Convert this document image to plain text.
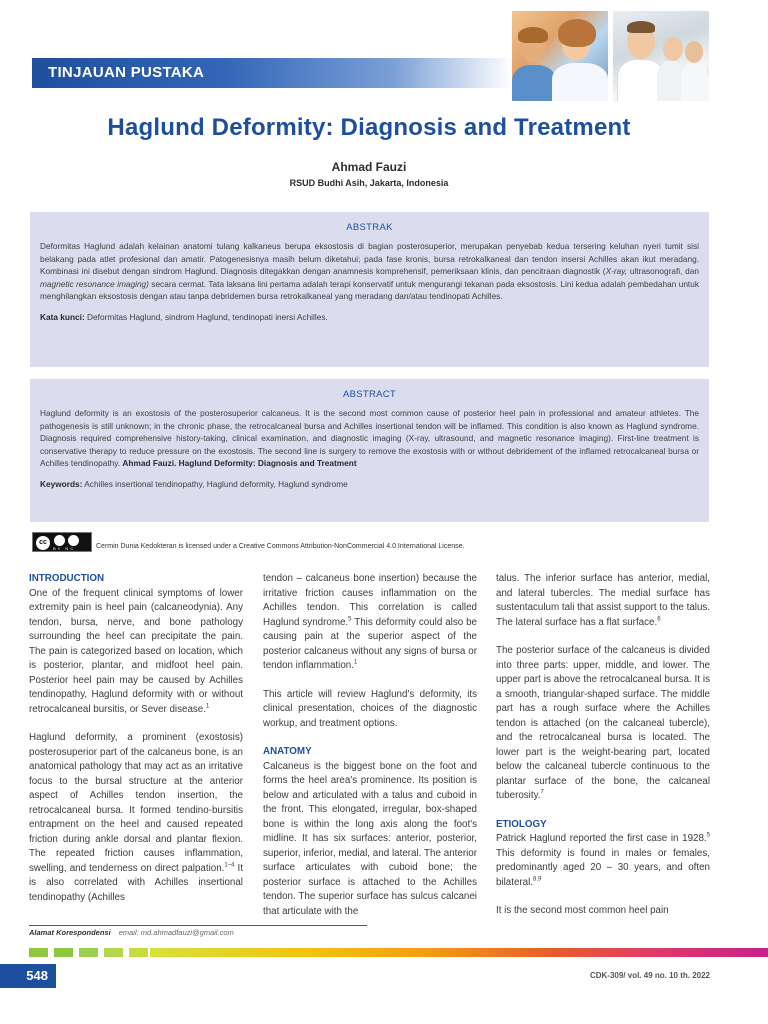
TINJAUAN PUSTAKA
Haglund Deformity: Diagnosis and Treatment
Ahmad Fauzi
RSUD Budhi Asih, Jakarta, Indonesia
ABSTRAK

Deformitas Haglund adalah kelainan anatomi tulang kalkaneus berupa eksostosis di bagian posterosuperior, merupakan penyebab kedua tersering keluhan nyeri tumit sisi belakang pada atlet profesional dan amatir. Patogenesisnya masih belum diketahui; pada fase kronis, bursa retrokalkaneal dan tendon insersi Achilles akan ikut meradang. Kombinasi ini disebut dengan sindrom Haglund. Diagnosis ditegakkan dengan anamnesis komprehensif, pemeriksaan klinis, dan pencitraan diagnostik (X-ray, ultrasonografi, dan magnetic resonance imaging) secara cermat. Tata laksana lini pertama adalah terapi konservatif untuk mengurangi tekanan pada eksostosis. Lini kedua adalah pembedahan untuk menghilangkan eksostosis dengan atau tanpa debridemen bursa retrokalkaneal yang meradang dan/atau tendinopati Achilles.

Kata kunci: Deformitas Haglund, sindrom Haglund, tendinopati inersi Achilles.

ABSTRACT

Haglund deformity is an exostosis of the posterosuperior calcaneus. It is the second most common cause of posterior heel pain in professional and amateur athletes. The pathogenesis is still unknown; in the chronic phase, the retrocalcaneal bursa and Achilles insertional tendon will be inflamed. This condition is also known as Haglund syndrome. Diagnosis required comprehensive history-taking, clinical examination, and diagnostic imaging (X-ray, ultrasound, and magnetic resonance imaging). First-line treatment is conservative therapy to reduce pressure on the exostosis. The second line is surgery to remove the exostosis with or without debridement of the inflamed retrocalcaneal bursa or Achilles tendinopathy. Ahmad Fauzi. Haglund Deformity: Diagnosis and Treatment

Keywords: Achilles insertional tendinopathy, Haglund deformity, Haglund syndrome

cc
BY NC	Cermin Dunia Kedokteran is licensed under a Creative Commons Attribution-NonCommercial 4.0 International License.
INTRODUCTION

One of the frequent clinical symptoms of lower extremity pain is heel pain (calcaneodynia). Any tendon, bursa, nerve, and bone pathology surrounding the heel can precipitate the pain. The pain is categorized based on location, which is posterior, plantar, and midfoot heel pain. Posterior heel pain may be caused by Achilles tendinopathy, Haglund deformity with or without retrocalcaneal bursitis, or Sever disease.$^1$

Haglund deformity, a prominent (exostosis) posterosuperior part of the calcaneus bone, is an anatomical pathology that may act as an irritative focus to the bursal structure at the anterior aspect of Achilles tendon insertion, the retrocalcaneal bursa. It formed tendino-bursitis entrapment on the heel and caused repeated friction during ankle dorsal and plantar flexion. The repeated friction causes inflammation, swelling, and tenderness on direct palpation.$^{1-4}$ It is also correlated with Achilles insertional tendinopathy (Achilles

tendon – calcaneus bone insertion) because the irritative friction causes inflammation on the Achilles tendon. This correlation is called Haglund syndrome.$^5$ This deformity could also be causing pain at the superior aspect of the posterior calcaneus without any signs of bursa or tendon inflammation.$^1$

This article will review Haglund's deformity, its clinical presentation, choices of the diagnostic workup, and treatment options.

ANATOMY

Calcaneus is the biggest bone on the foot and forms the heel area's prominence. Its position is below and articulated with a talus and cuboid in the front. This elongated, irregular, box-shaped bone is within the long axis along the foot's midline. It has six surfaces: anterior, posterior, superior, inferior, medial, and lateral. The anterior surface articulates with cuboid bone; the posterior surface is attached to the Achilles tendon. The superior surface has sulcus calcanei that articulate with the

talus. The inferior surface has anterior, medial, and lateral tubercles. The medial surface has sustentaculum tali that assist support to the talus. The lateral surface has a flat surface.$^6$

The posterior surface of the calcaneus is divided into three parts: upper, middle, and lower. The upper part is above the retrocalcaneal bursa. It is a smooth, triangular-shaped surface. The middle part has a rough surface where the Achilles tendon is attached (on the calcaneal tubercle), and the retrocalcaneal bursa is located. The lower part is the weight-bearing part, located below the calcaneal tubercle continuous to the plantar surface of the bone, the calcaneal tuberosity.$^7$

ETIOLOGY

Patrick Haglund reported the first case in 1928.$^5$ This deformity is found in males or females, predominantly aged 20 – 30 years, and often bilateral.$^{8,9}$

It is the second most common heel pain

Alamat Korespondensi email: md.ahmadfauzi@gmail.com
548	CDK-309/ vol. 49 no. 10 th. 2022
